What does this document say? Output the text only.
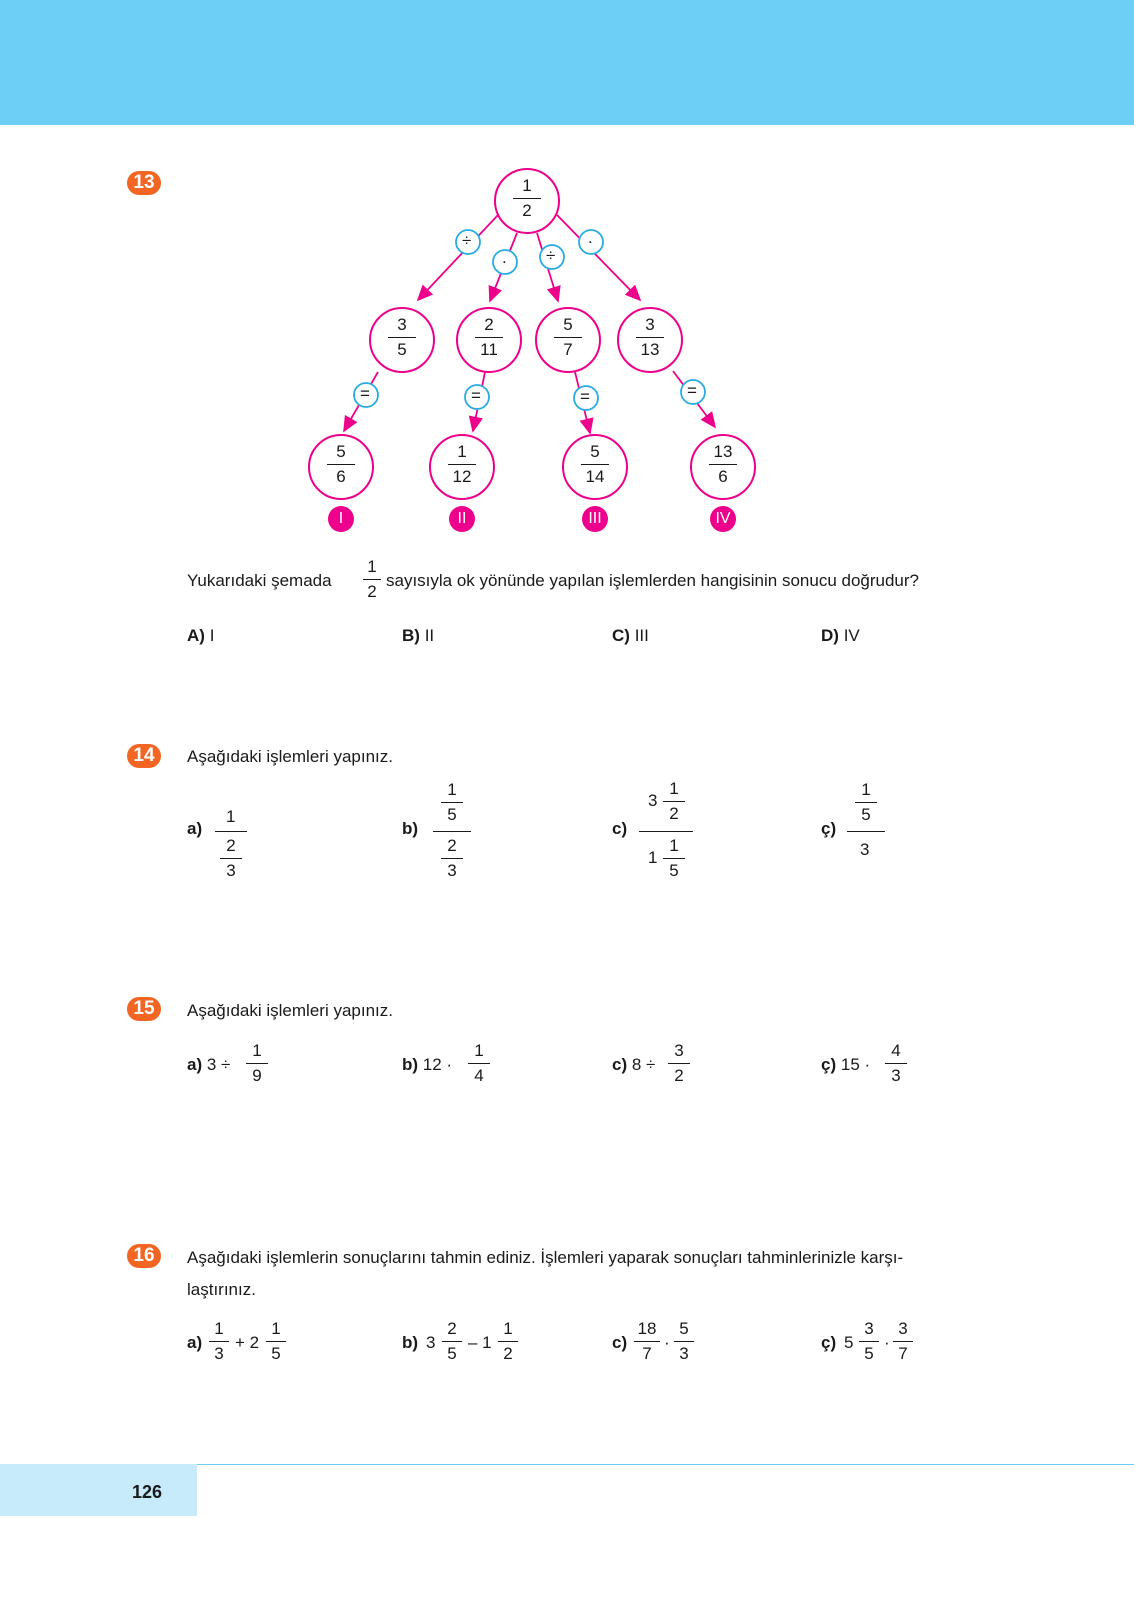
13
÷
. ÷
.
=	=	=	=
1
2
3
5
2
11
5
7
3
13
5
6
1
12
5
14
13
6
I	II	III	IV
Yukarıdaki şemada
1
2
sayısıyla ok yönünde yapılan işlemlerden hangisinin sonucu doğrudur?
A) I	B) II	C) III	D) IV
14	Aşağıdaki işlemleri yapınız.
a)
1
2
3
b)
1
5
2
3
c)
3
1
2
1
1
5
ç)
1
5
3
15	Aşağıdaki işlemleri yapınız.
a) 3 ÷
1
9
b) 12 ·
1
4
c) 8 ÷
3
2
ç) 15 ·
4
3
16	Aşağıdaki işlemlerin sonuçlarını tahmin ediniz. İşlemleri yaparak sonuçları tahminlerinizle karşı-
laştırınız.
a)
1
3
+ 2
1
5
b) 3
2
5
– 1
1
2
c)
18
7
·
5
3
ç) 5
3
5
·
3
7
126
